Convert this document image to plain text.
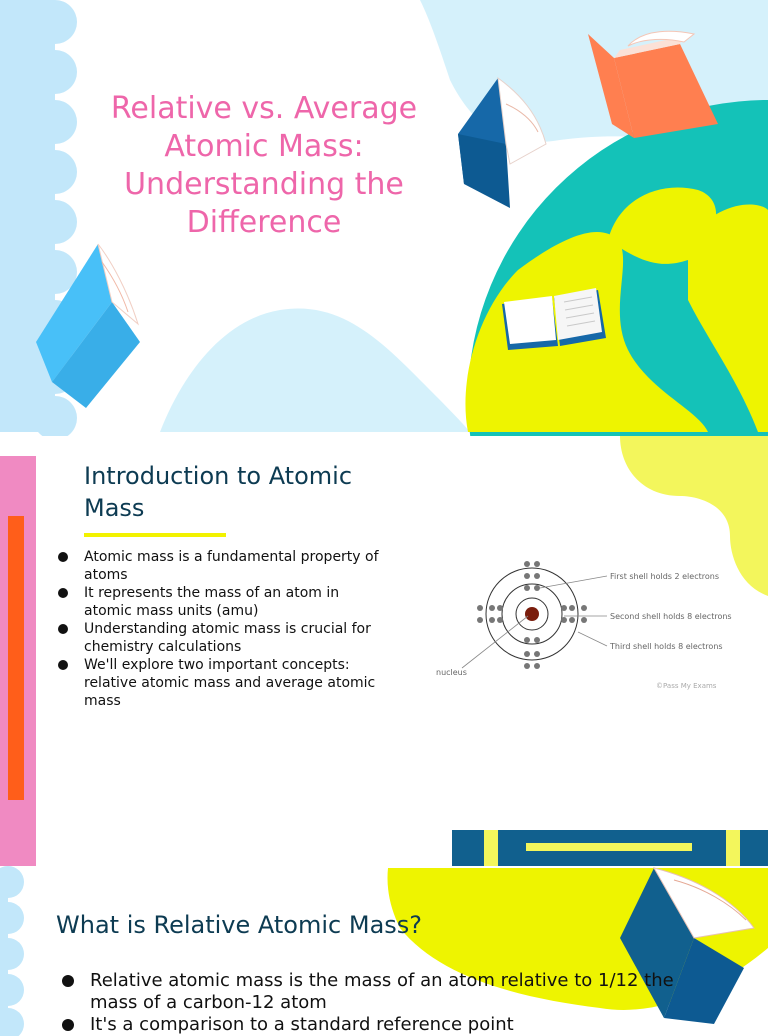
Relative vs. Average Atomic Mass: Understanding the Difference
First shell holds 2 electrons
Second shell holds 8 electrons
Third shell holds 8 electrons
nucleus
©Pass My Exams
Introduction to Atomic Mass
Atomic mass is a fundamental property of atoms
It represents the mass of an atom in atomic mass units (amu)
Understanding atomic mass is crucial for chemistry calculations
We'll explore two important concepts: relative atomic mass and average atomic mass
What is Relative Atomic Mass?
Relative atomic mass is the mass of an atom relative to 1/12 the mass of a carbon-12 atom
It's a comparison to a standard reference point
